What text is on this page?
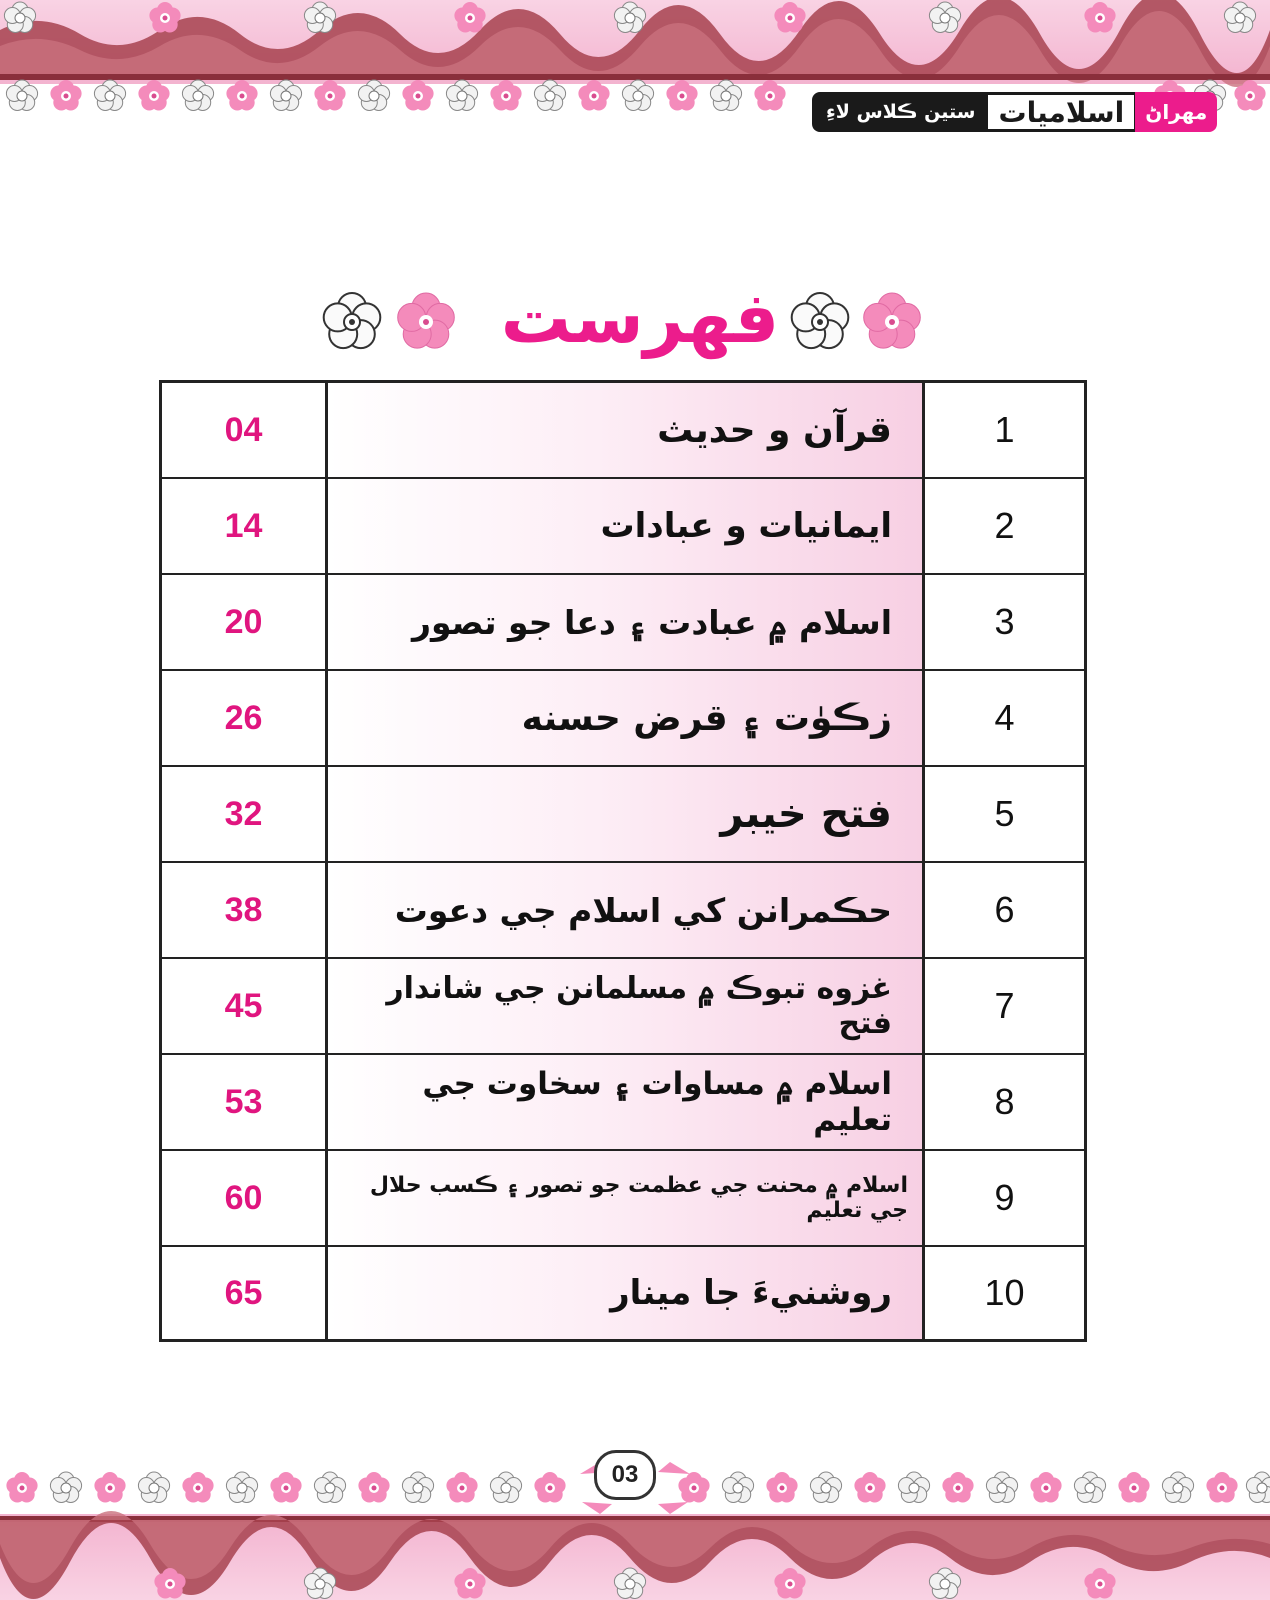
ستين ڪلاس لاءِ اسلاميات	مهراڻ
فهرست
04	قرآن و حديث	1
14	ايمانيات و عبادات	2
20	اسلام ۾ عبادت ۽ دعا جو تصور	3
26	زڪوٰت ۽ قرض حسنه	4
32	فتح خيبر	5
38	حڪمرانن کي اسلام جي دعوت	6
45	غزوه تبوڪ ۾ مسلمانن جي شاندار فتح	7
53	اسلام ۾ مساوات ۽ سخاوت جي تعليم	8
60	اسلام ۾ محنت جي عظمت جو تصور ۽ ڪسب حلال جي تعليم	9
65	روشنيءَ جا مينار	10
03
